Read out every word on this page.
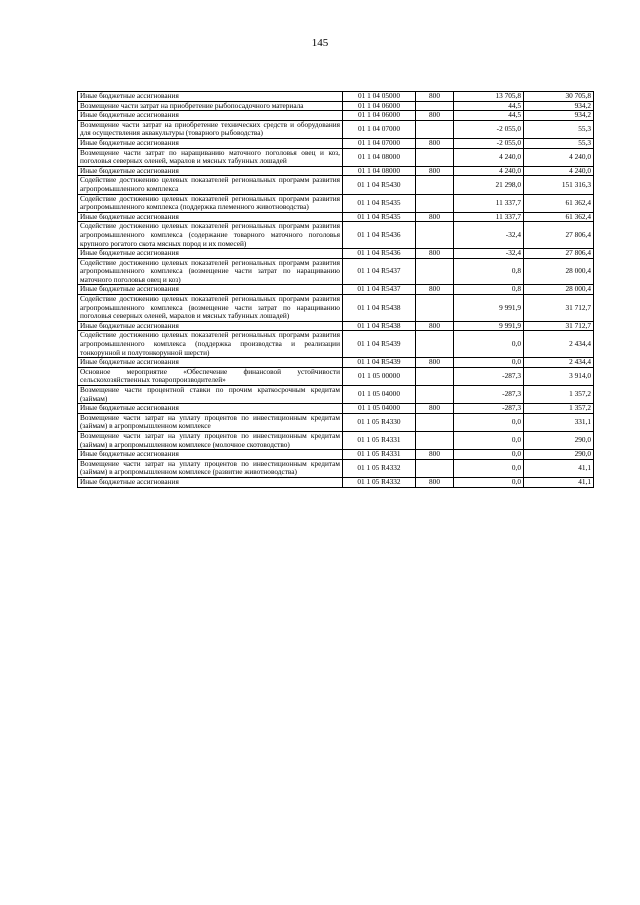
145
Иные бюджетные ассигнования	01 1 04 05000	800	13 705,8	30 705,8
Возмещение части затрат на приобретение рыбопосадочного материала	01 1 04 06000		44,5	934,2
Иные бюджетные ассигнования	01 1 04 06000	800	44,5	934,2
Возмещение части затрат на приобретение технических средств и оборудования для осуществления аквакультуры (товарного рыбоводства)	01 1 04 07000		-2 055,0	55,3
Иные бюджетные ассигнования	01 1 04 07000	800	-2 055,0	55,3
Возмещение части затрат по наращиванию маточного поголовья овец и коз, поголовья северных оленей, маралов и мясных табунных лошадей	01 1 04 08000		4 240,0	4 240,0
Иные бюджетные ассигнования	01 1 04 08000	800	4 240,0	4 240,0
Содействие достижению целевых показателей региональных программ развития агропромышленного комплекса	01 1 04 R5430		21 298,0	151 316,3
Содействие достижению целевых показателей региональных программ развития агропромышленного комплекса (поддержка племенного животноводства)	01 1 04 R5435		11 337,7	61 362,4
Иные бюджетные ассигнования	01 1 04 R5435	800	11 337,7	61 362,4
Содействие достижению целевых показателей региональных программ развития агропромышленного комплекса (содержание товарного маточного поголовья крупного рогатого скота мясных пород и их помесей)	01 1 04 R5436		-32,4	27 806,4
Иные бюджетные ассигнования	01 1 04 R5436	800	-32,4	27 806,4
Содействие достижению целевых показателей региональных программ развития агропромышленного комплекса (возмещение части затрат по наращиванию маточного поголовья овец и коз)	01 1 04 R5437		0,8	28 000,4
Иные бюджетные ассигнования	01 1 04 R5437	800	0,8	28 000,4
Содействие достижению целевых показателей региональных программ развития агропромышленного комплекса (возмещение части затрат по наращиванию поголовья северных оленей, маралов и мясных табунных лошадей)	01 1 04 R5438		9 991,9	31 712,7
Иные бюджетные ассигнования	01 1 04 R5438	800	9 991,9	31 712,7
Содействие достижению целевых показателей региональных программ развития агропромышленного комплекса (поддержка производства и реализации тонкорунной и полутонкорунной шерсти)	01 1 04 R5439		0,0	2 434,4
Иные бюджетные ассигнования	01 1 04 R5439	800	0,0	2 434,4
Основное мероприятие «Обеспечение финансовой устойчивости сельскохозяйственных товаропроизводителей»	01 1 05 00000		-287,3	3 914,0
Возмещение части процентной ставки по прочим краткосрочным кредитам (займам)	01 1 05 04000		-287,3	1 357,2
Иные бюджетные ассигнования	01 1 05 04000	800	-287,3	1 357,2
Возмещение части затрат на уплату процентов по инвестиционным кредитам (займам) в агропромышленном комплексе	01 1 05 R4330		0,0	331,1
Возмещение части затрат на уплату процентов по инвестиционным кредитам (займам) в агропромышленном комплексе (молочное скотоводство)	01 1 05 R4331		0,0	290,0
Иные бюджетные ассигнования	01 1 05 R4331	800	0,0	290,0
Возмещение части затрат на уплату процентов по инвестиционным кредитам (займам) в агропромышленном комплексе (развитие животноводства)	01 1 05 R4332		0,0	41,1
Иные бюджетные ассигнования	01 1 05 R4332	800	0,0	41,1
